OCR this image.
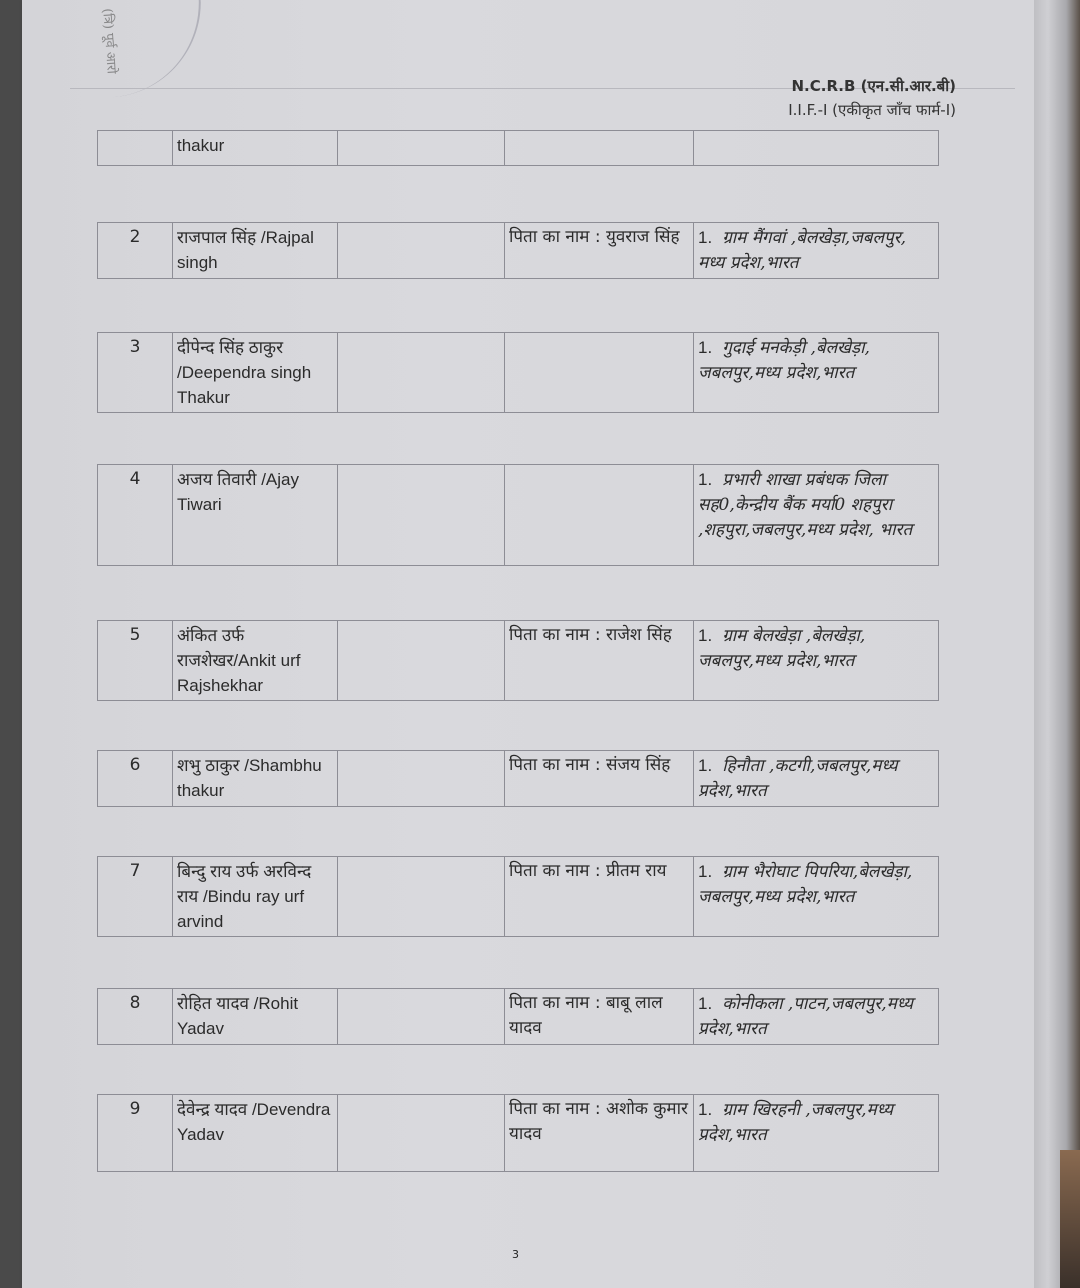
(त्रि) पूर्व आरो
N.C.R.B (एन.सी.आर.बी)
I.I.F.-I (एकीकृत जाँच फार्म-I)
	thakur			
2	राजपाल सिंह /Rajpal singh		पिता का नाम : युवराज सिंह	1. ग्राम मैंगवां ,बेलखेड़ा,जबलपुर, मध्य प्रदेश,भारत
3	दीपेन्द सिंह ठाकुर /Deependra singh Thakur			1. गुदाई मनकेड़ी ,बेलखेड़ा, जबलपुर,मध्य प्रदेश,भारत
4	अजय तिवारी /Ajay Tiwari			1. प्रभारी शाखा प्रबंधक जिला सह0,केन्द्रीय बैंक मर्या0 शहपुरा ,शहपुरा,जबलपुर,मध्य प्रदेश, भारत
5	अंकित उर्फ राजशेखर/Ankit urf Rajshekhar		पिता का नाम : राजेश सिंह	1. ग्राम बेलखेड़ा ,बेलखेड़ा, जबलपुर,मध्य प्रदेश,भारत
6	शभु ठाकुर /Shambhu thakur		पिता का नाम : संजय सिंह	1. हिनौता ,कटगी,जबलपुर,मध्य प्रदेश,भारत
7	बिन्दु राय उर्फ अरविन्द राय /Bindu ray urf arvind		पिता का नाम : प्रीतम राय	1. ग्राम भैरोघाट पिपरिया,बेलखेड़ा, जबलपुर,मध्य प्रदेश,भारत
8	रोहित यादव /Rohit Yadav		पिता का नाम : बाबू लाल यादव	1. कोनीकला ,पाटन,जबलपुर,मध्य प्रदेश,भारत
9	देवेन्द्र यादव /Devendra Yadav		पिता का नाम : अशोक कुमार यादव	1. ग्राम खिरहनी ,जबलपुर,मध्य प्रदेश,भारत
3
